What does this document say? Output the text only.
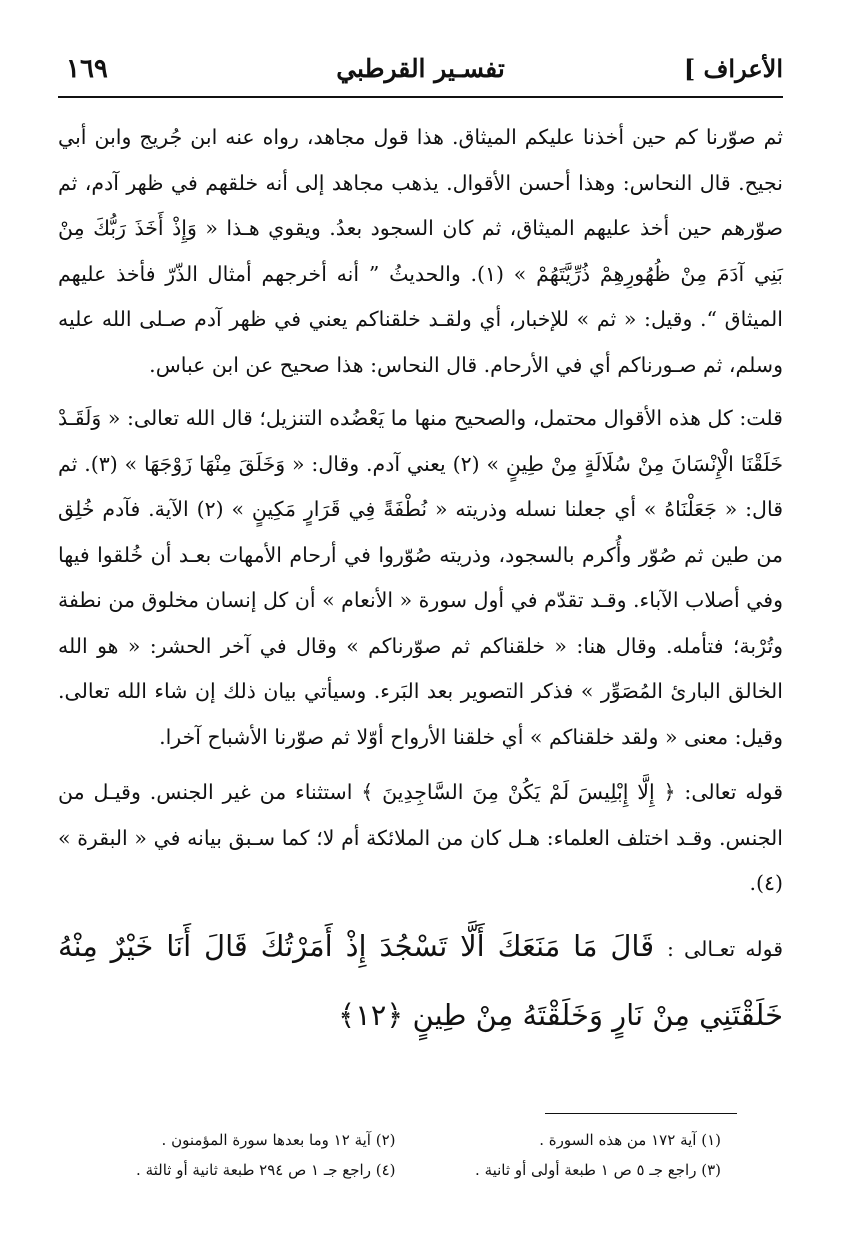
الأعراف ]
تفسـير القرطبي
١٦٩

ثم صوّرنا كم حين أخذنا عليكم الميثاق. هذا قول مجاهد، رواه عنه ابن جُريج وابن أبي نجيح. قال النحاس: وهذا أحسن الأقوال. يذهب مجاهد إلى أنه خلقهم في ظهر آدم، ثم صوّرهم حين أخذ عليهم الميثاق، ثم كان السجود بعدُ. ويقوي هـذا « وَإِذْ أَخَذَ رَبُّكَ مِنْ بَنِي آدَمَ مِنْ ظُهُورِهِمْ ذُرِّيَّتَهُمْ » (١). والحديثُ ” أنه أخرجهم أمثال الذّرّ فأخذ عليهم الميثاق “. وقيل: « ثم » للإخبار، أي ولقـد خلقناكم يعني في ظهر آدم صـلى الله عليه وسلم، ثم صـورناكم أي في الأرحام. قال النحاس: هذا صحيح عن ابن عباس.

قلت: كل هذه الأقوال محتمل، والصحيح منها ما يَعْضُده التنزيل؛ قال الله تعالى: « وَلَقَـدْ خَلَقْنَا الْإِنْسَانَ مِنْ سُلَالَةٍ مِنْ طِينٍ » (٢) يعني آدم. وقال: « وَخَلَقَ مِنْهَا زَوْجَهَا » (٣). ثم قال: « جَعَلْنَاهُ » أي جعلنا نسله وذريته « نُطْفَةً فِي قَرَارٍ مَكِينٍ » (٢) الآية. فآدم خُلِق من طين ثم صُوّر وأُكرم بالسجود، وذريته صُوّروا في أرحام الأمهات بعـد أن خُلقوا فيها وفي أصلاب الآباء. وقـد تقدّم في أول سورة « الأنعام » أن كل إنسان مخلوق من نطفة وتُرْبة؛ فتأمله. وقال هنا: « خلقناكم ثم صوّرناكم » وقال في آخر الحشر: « هو الله الخالق البارئ المُصَوِّر » فذكر التصوير بعد البَرء. وسيأتي بيان ذلك إن شاء الله تعالى. وقيل: معنى « ولقد خلقناكم » أي خلقنا الأرواح أوّلا ثم صوّرنا الأشباح آخرا.

قوله تعالى: ﴿ إِلَّا إِبْلِيسَ لَمْ يَكُنْ مِنَ السَّاجِدِينَ ﴾ استثناء من غير الجنس. وقيـل من الجنس. وقـد اختلف العلماء: هـل كان من الملائكة أم لا؛ كما سـبق بيانه في « البقرة » (٤).

قوله تعـالى : قَالَ مَا مَنَعَكَ أَلَّا تَسْجُدَ إِذْ أَمَرْتُكَ قَالَ أَنَا خَيْرٌ مِنْهُ خَلَقْتَنِي مِنْ نَارٍ وَخَلَقْتَهُ مِنْ طِينٍ ﴿١٢﴾

(١) آية ١٧٢ من هذه السورة .
(٢) آية ١٢ وما بعدها سورة المؤمنون .
(٣) راجع جـ ٥ ص ١ طبعة أولى أو ثانية .
(٤) راجع جـ ١ ص ٢٩٤ طبعة ثانية أو ثالثة .
